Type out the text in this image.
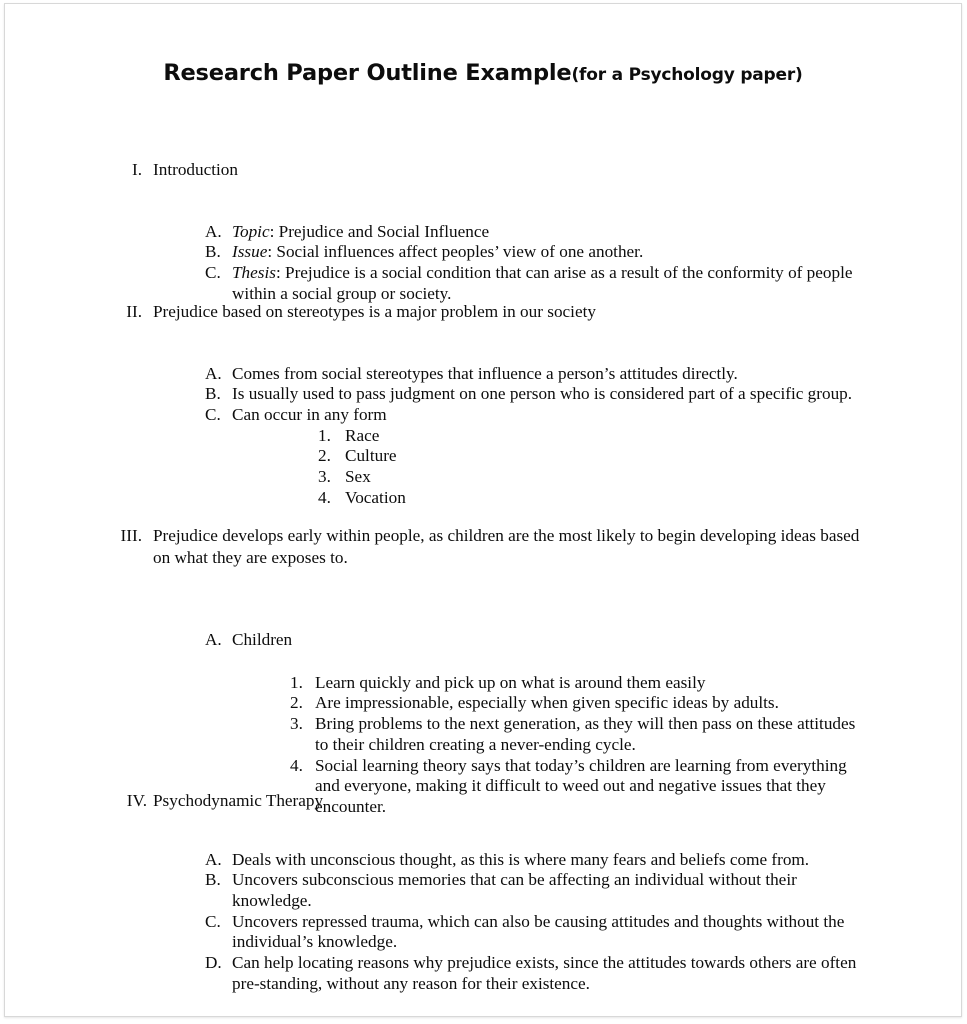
Research Paper Outline Example(for a Psychology paper)
I. Introduction
A. Topic: Prejudice and Social Influence
B. Issue: Social influences affect peoples’ view of one another.
C. Thesis: Prejudice is a social condition that can arise as a result of the conformity of people within a social group or society.
II. Prejudice based on stereotypes is a major problem in our society
A. Comes from social stereotypes that influence a person’s attitudes directly.
B. Is usually used to pass judgment on one person who is considered part of a specific group.
C. Can occur in any form
1. Race
2. Culture
3. Sex
4. Vocation
III. Prejudice develops early within people, as children are the most likely to begin developing ideas based on what they are exposes to.
A. Children
1. Learn quickly and pick up on what is around them easily
2. Are impressionable, especially when given specific ideas by adults.
3. Bring problems to the next generation, as they will then pass on these attitudes to their children creating a never-ending cycle.
4. Social learning theory says that today’s children are learning from everything and everyone, making it difficult to weed out and negative issues that they encounter.
IV. Psychodynamic Therapy
A. Deals with unconscious thought, as this is where many fears and beliefs come from.
B. Uncovers subconscious memories that can be affecting an individual without their knowledge.
C. Uncovers repressed trauma, which can also be causing attitudes and thoughts without the individual’s knowledge.
D. Can help locating reasons why prejudice exists, since the attitudes towards others are often pre-standing, without any reason for their existence.
